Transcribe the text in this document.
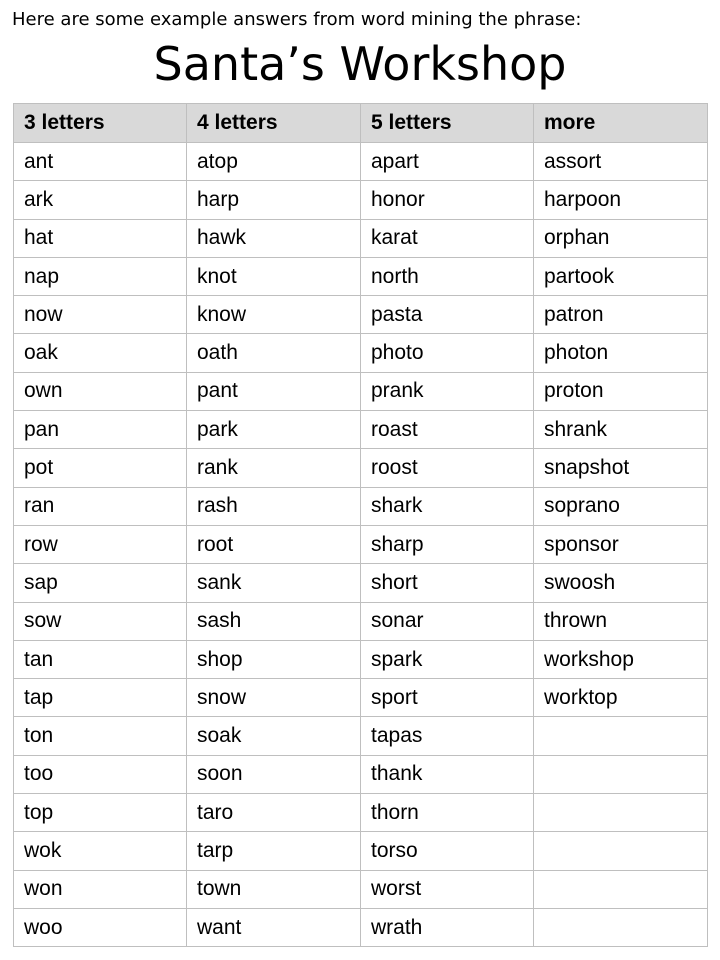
Here are some example answers from word mining the phrase:
Santa’s Workshop
3 letters	4 letters	5 letters	more
ant	atop	apart	assort
ark	harp	honor	harpoon
hat	hawk	karat	orphan
nap	knot	north	partook
now	know	pasta	patron
oak	oath	photo	photon
own	pant	prank	proton
pan	park	roast	shrank
pot	rank	roost	snapshot
ran	rash	shark	soprano
row	root	sharp	sponsor
sap	sank	short	swoosh
sow	sash	sonar	thrown
tan	shop	spark	workshop
tap	snow	sport	worktop
ton	soak	tapas	
too	soon	thank	
top	taro	thorn	
wok	tarp	torso	
won	town	worst	
woo	want	wrath	
